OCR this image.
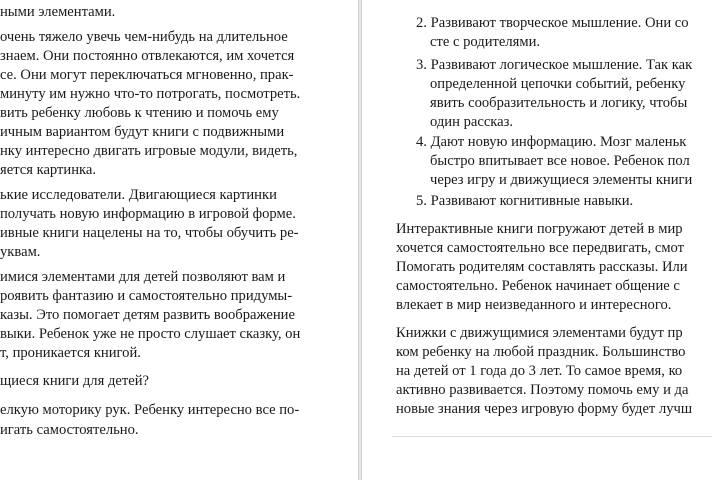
ными элементами.
очень тяжело увечь чем-нибудь на длительное
знаем. Они постоянно отвлекаются, им хочется
се. Они могут переключаться мгновенно, прак-
минуту им нужно что-то потрогать, посмотреть.
вить ребенку любовь к чтению и помочь ему
ичным вариантом будут книги с подвижными
нку интересно двигать игровые модули, видеть,
яется картинка.
ькие исследователи. Двигающиеся картинки
получать новую информацию в игровой форме.
ивные книги нацелены на то, чтобы обучить ре-
уквам.
имися элементами для детей позволяют вам и
роявить фантазию и самостоятельно придумы-
казы. Это помогает детям развить воображение
выки. Ребенок уже не просто слушает сказку, он
т, проникается книгой.
щиеся книги для детей?
елкую моторику рук. Ребенку интересно все по-
игать самостоятельно.
2. Развивают творческое мышление. Они со
сте с родителями.
3. Развивают логическое мышление. Так как
определенной цепочки событий, ребенку
явить сообразительность и логику, чтобы
один рассказ.
4. Дают новую информацию. Мозг маленьк
быстро впитывает все новое. Ребенок пол
через игру и движущиеся элементы книги
5. Развивают когнитивные навыки.
Интерактивные книги погружают детей в мир
хочется самостоятельно все передвигать, смот
Помогать родителям составлять рассказы. Или
самостоятельно. Ребенок начинает общение с
влекает в мир неизведанного и интересного.
Книжки с движущимися элементами будут пр
ком ребенку на любой праздник. Большинство
на детей от 1 года до 3 лет. То самое время, ко
активно развивается. Поэтому помочь ему и да
новые знания через игровую форму будет лучш
